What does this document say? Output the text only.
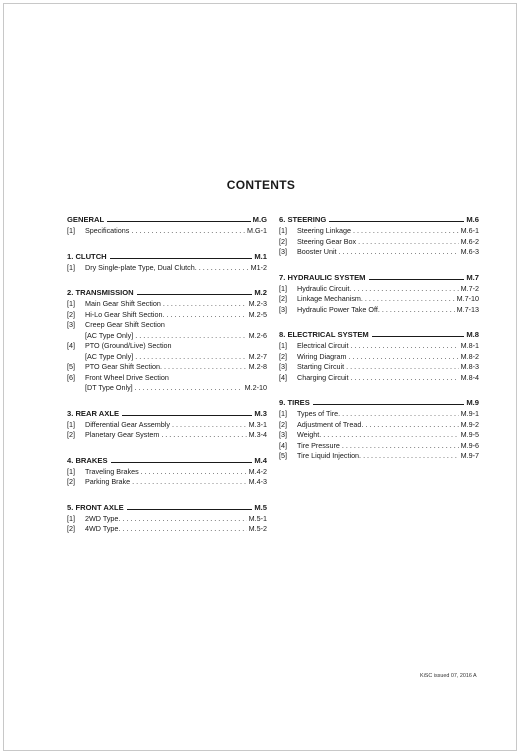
CONTENTS
GENERAL	M.G
[1]	Specifications . . .	M.G-1
1. CLUTCH	M.1
[1]	Dry Single-plate Type, Dual Clutch. . . .	M1-2
2. TRANSMISSION	M.2
[1]	Main Gear Shift Section . . .	M.2-3
[2]	Hi-Lo Gear Shift Section. . . .	M.2-5
[3]	Creep Gear Shift Section
[AC Type Only] . . .	M.2-6
[4]	PTO (Ground/Live) Section
[AC Type Only] . . .	M.2-7
[5]	PTO Gear Shift Section. . . .	M.2-8
[6]	Front Wheel Drive Section
[DT Type Only] . . .	M.2-10
3. REAR AXLE	M.3
[1]	Differential Gear Assembly . . .	M.3-1
[2]	Planetary Gear System . . .	M.3-4
4. BRAKES	M.4
[1]	Traveling Brakes . . .	M.4-2
[2]	Parking Brake . . .	M.4-3
5. FRONT AXLE	M.5
[1]	2WD Type. . . .	M.5-1
[2]	4WD Type. . . .	M.5-2
6. STEERING	M.6
[1]	Steering Linkage . . .	M.6-1
[2]	Steering Gear Box . . .	M.6-2
[3]	Booster Unit . . .	M.6-3
7. HYDRAULIC SYSTEM	M.7
[1]	Hydraulic Circuit. . . .	M.7-2
[2]	Linkage Mechanism. . . .	M.7-10
[3]	Hydraulic Power Take Off. . . .	M.7-13
8. ELECTRICAL SYSTEM	M.8
[1]	Electrical Circuit . . .	M.8-1
[2]	Wiring Diagram . . .	M.8-2
[3]	Starting Circuit . . .	M.8-3
[4]	Charging Circuit . . .	M.8-4
9. TIRES	M.9
[1]	Types of Tire. . . .	M.9-1
[2]	Adjustment of Tread. . . .	M.9-2
[3]	Weight. . . .	M.9-5
[4]	Tire Pressure . . .	M.9-6
[5]	Tire Liquid Injection. . . .	M.9-7
KiSC issued 07, 2016 A
